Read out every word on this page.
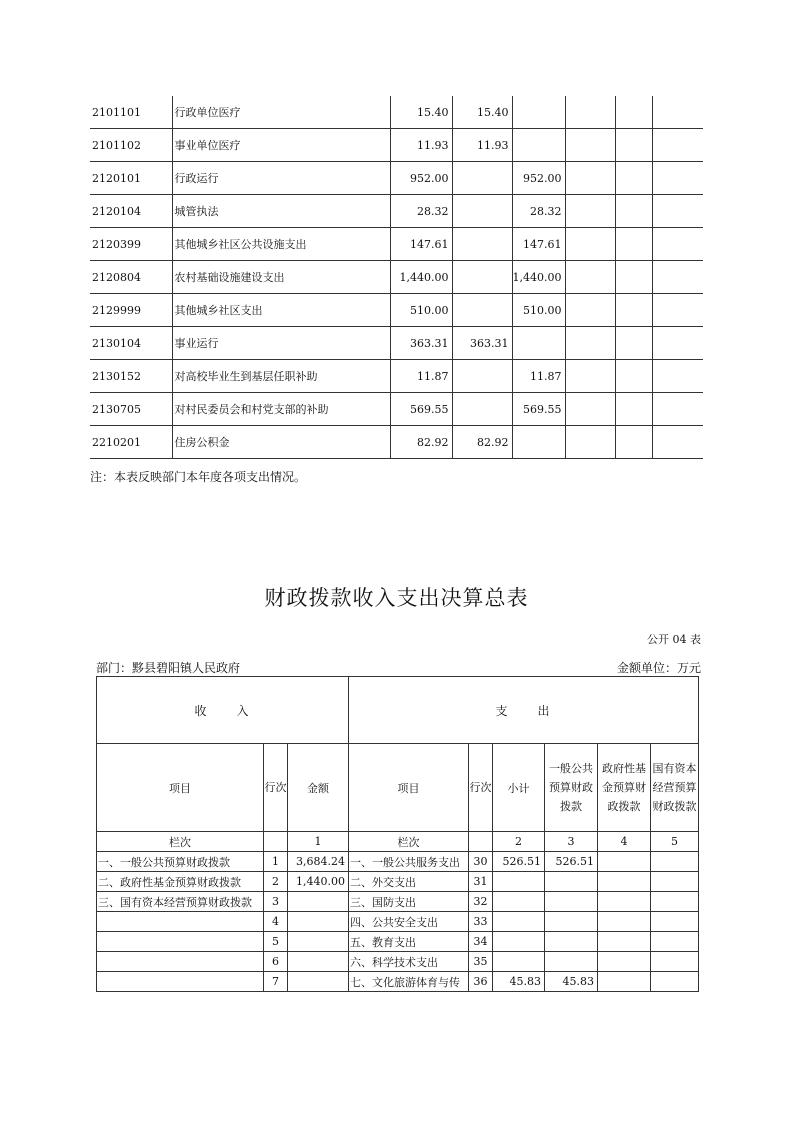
2101101	行政单位医疗	15.40	15.40				
2101102	事业单位医疗	11.93	11.93				
2120101	行政运行	952.00		952.00			
2120104	城管执法	28.32		28.32			
2120399	其他城乡社区公共设施支出	147.61		147.61			
2120804	农村基础设施建设支出	1,440.00		1,440.00			
2129999	其他城乡社区支出	510.00		510.00			
2130104	事业运行	363.31	363.31				
2130152	对高校毕业生到基层任职补助	11.87		11.87			
2130705	对村民委员会和村党支部的补助	569.55		569.55			
2210201	住房公积金	82.92	82.92				
注：本表反映部门本年度各项支出情况。
财政拨款收入支出决算总表
公开 04 表
部门：黟县碧阳镇人民政府	金额单位：万元
收　　入			支　　出					
项目	行次	金额	项目	行次	小计	一般公共预算财政拨款	政府性基金预算财政拨款	国有资本经营预算财政拨款
栏次		1	栏次		2	3	4	5
一、一般公共预算财政拨款	1	3,684.24	一、一般公共服务支出	30	526.51	526.51		
二、政府性基金预算财政拨款	2	1,440.00	二、外交支出	31				
三、国有资本经营预算财政拨款	3		三、国防支出	32				
	4		四、公共安全支出	33				
	5		五、教育支出	34				
	6		六、科学技术支出	35				
	7		七、文化旅游体育与传	36	45.83	45.83		
